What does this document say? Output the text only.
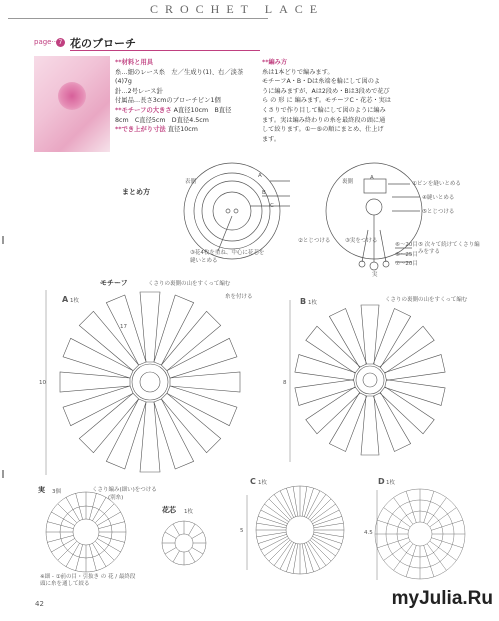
CROCHET LACE
page·· 7 花のブローチ
**材料と用具
糸…細のレース糸　左／生成り(1)、右／淡茶
(4)7g
針…2号レース針
付属品…長さ3cmのブローチピン1個
**モチーフの大きさ A直径10cm　B直径
8cm　C直径5cm　D直径4.5cm
**でき上がり寸法 直径10cm
**編み方
糸は1本どりで編みます。
モチーフA・B・Dは糸端を輪にして図のよ
うに編みますが、Aは2段め・Bは3段めで花び
ら の 形 に 編みます。モチーフC・花芯・実は
くさりで作り目して輪にして図のように編み
ます。実は編み終わりの糸を最終段の頭に通
して絞ります。①～⑤の順にまとめ、仕上げ
ます。
まとめ方
表側	裏側
A
B
C
A
③花4枚を重ね、中心に花芯を縫いとめる
①ピンを縫いとめる
④縫いとめる
⑤とじつける
②とじつける
⑥～20目
⑤～25目
⑦～20目
③実をつける
実
⑤ 次々て続けてくさり編みをする
モチーフ
A 1枚
くさりの裏側の山をすくって編む
糸を付ける
10
17
B 1枚	くさりの裏側の山をすくって編む
8
C 1枚
5
D 1枚
4.5
実 3個	くさり編み(細い)をつける
(別糸)
※細 - ①前の目・引抜き の 花 / 最終段頭に糸を通して絞る
花芯 1枚
42	myJulia.Ru
